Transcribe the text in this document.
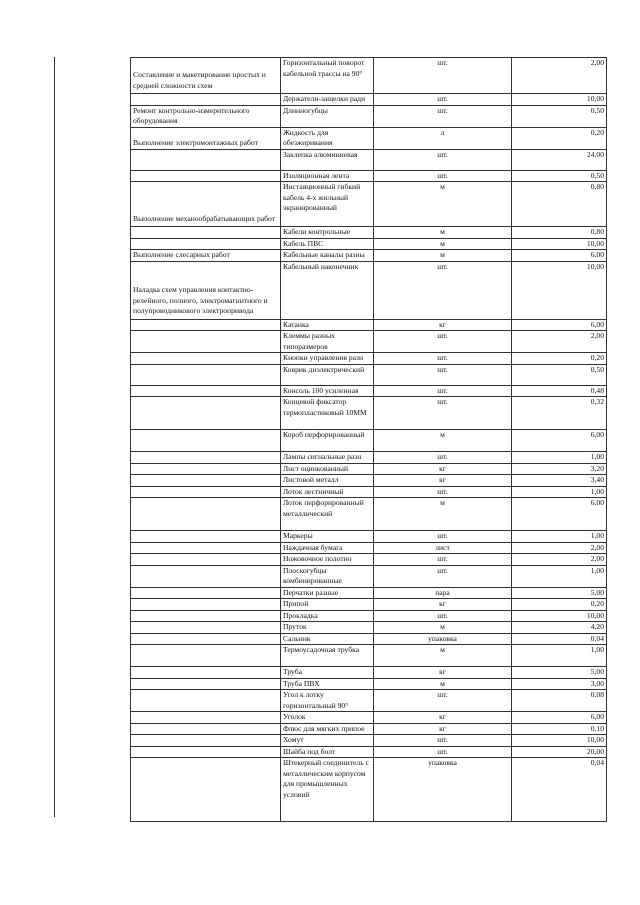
Составление и макетирование простых и средней сложности схем	Горизонтальный поворот кабельной трассы на 90°	шт.	2,00
	Держатели-защелки ради	шт.	10,00
Ремонт контрольно-измерительного оборудования	Длинногубцы	шт.	0,50
Выполнение электромонтажных работ	Жидкость для обезжиривания	л	0,20
	Заклепка алюминиевая	шт.	24,00
	Изоляционная лента	шт.	0,50
Выполнение механообрабатывающих работ	Инстаяционный гибкий кабель 4-х жильный экранированный	м	0,80
	Кабели контрольные	м	0,80
	Кабель ПВС	м	10,00
Выполнение слесарных работ	Кабельные каналы разны	м	6,00
Наладка схем управления контактно-релейного, полного, электромагнитного и полупроводникового электропривода	Кабельный наконечник	шт.	10,00
	Катанка	кг	6,00
	Клеммы разных типоразмеров	шт.	2,00
	Кнопки управления разн	шт.	0,20
	Коврик диэлектрический	шт.	0,50
	Консоль 100 усиленная	шт.	0,48
	Концевой фиксатор термопластиковый 10ММ	шт.	0,32
	Короб перфорированный	м	6,00
	Лампы сигнальные разн	шт.	1,00
	Лист оцинкованный	кг	3,20
	Листовой металл	кг	3,40
	Лоток лестничный	шт.	1,00
	Лоток перфорированный металлический	м	6,00
	Маркеры	шт.	1,00
	Наждачная бумага	лист	2,00
	Ножовочное полотно	шт.	2,00
	Плоскогубцы комбинированные	шт.	1,00
	Перчатки разные	пара	5,00
	Припой	кг	0,20
	Прокладка	шт.	10,00
	Пруток	м	4,20
	Сальник	упаковка	0,04
	Термоусадочная трубка	м	1,00
	Труба	кг	5,00
	Труба ПВХ	м	3,00
	Угол к лотку горизонтальный 90°	шт.	0,08
	Уголок	кг	6,00
	Флюс для мягких припое	кг	0,10
	Хомут	шт.	10,00
	Шайба под болт	шт.	20,00
	Штекерный соединитель с металлическим корпусом для промышленных условий	упаковка	0,04
